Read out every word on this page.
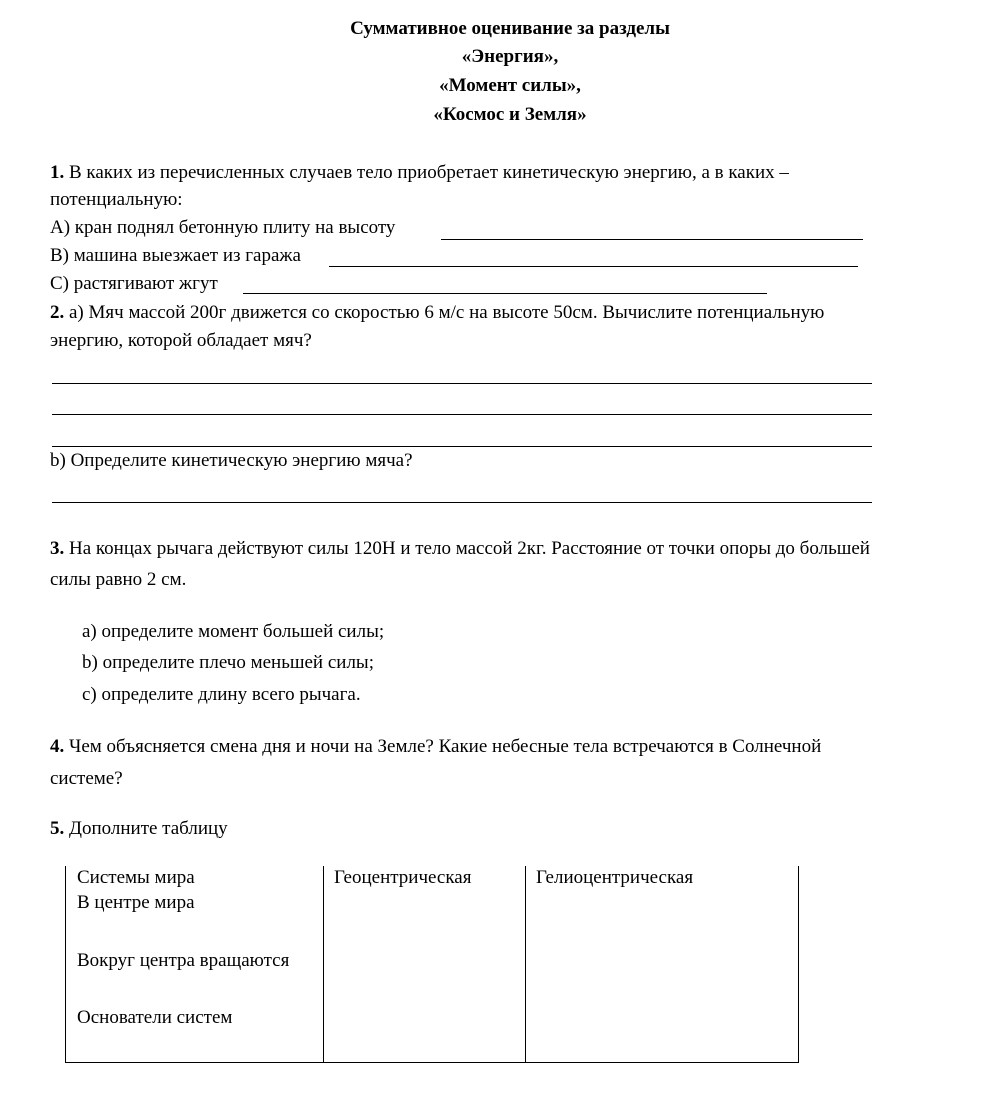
Суммативное оценивание за разделы
«Энергия»,
«Момент силы»,
«Космос и Земля»
1. В каких из перечисленных случаев тело приобретает кинетическую энергию, а в каких –
потенциальную:
А) кран поднял бетонную плиту на высоту
В) машина выезжает из гаража
С) растягивают жгут
2. а) Мяч массой 200г движется со скоростью 6 м/с на высоте 50см. Вычислите потенциальную
энергию, которой обладает мяч?
b) Определите кинетическую энергию мяча?
3. На концах рычага действуют силы 120Н и тело массой 2кг. Расстояние от точки опоры до большей
силы равно 2 см.
a) определите момент большей силы;
b) определите плечо меньшей силы;
c) определите длину всего рычага.
4. Чем объясняется смена дня и ночи на Земле? Какие небесные тела встречаются в Солнечной
системе?
5. Дополните таблицу
Системы мира	Геоцентрическая	Гелиоцентрическая
В центре мира
Вокруг центра вращаются
Основатели систем
